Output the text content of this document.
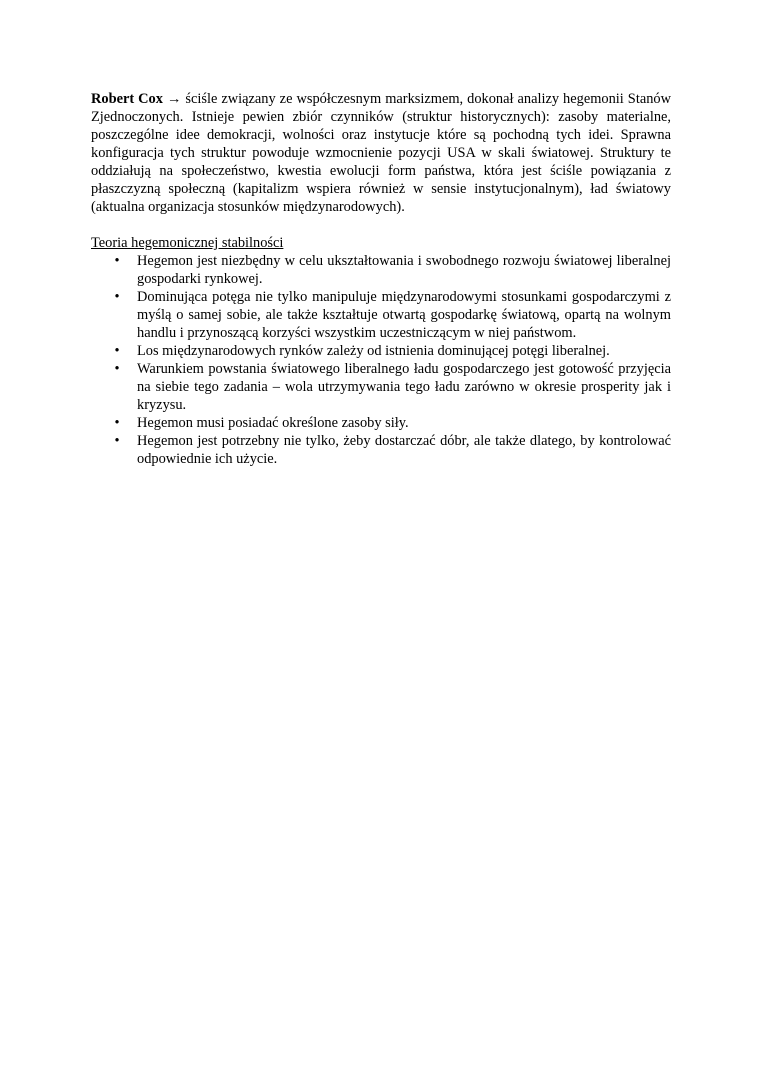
Robert Cox → ściśle związany ze współczesnym marksizmem, dokonał analizy hegemonii Stanów Zjednoczonych. Istnieje pewien zbiór czynników (struktur historycznych): zasoby materialne, poszczególne idee demokracji, wolności oraz instytucje które są pochodną tych idei. Sprawna konfiguracja tych struktur powoduje wzmocnienie pozycji USA w skali światowej. Struktury te oddziałują na społeczeństwo, kwestia ewolucji form państwa, która jest ściśle powiązania z płaszczyzną społeczną (kapitalizm wspiera również w sensie instytucjonalnym), ład światowy (aktualna organizacja stosunków międzynarodowych).

Teoria hegemonicznej stabilności
• Hegemon jest niezbędny w celu ukształtowania i swobodnego rozwoju światowej liberalnej gospodarki rynkowej.
• Dominująca potęga nie tylko manipuluje międzynarodowymi stosunkami gospodarczymi z myślą o samej sobie, ale także kształtuje otwartą gospodarkę światową, opartą na wolnym handlu i przynoszącą korzyści wszystkim uczestniczącym w niej państwom.
• Los międzynarodowych rynków zależy od istnienia dominującej potęgi liberalnej.
• Warunkiem powstania światowego liberalnego ładu gospodarczego jest gotowość przyjęcia na siebie tego zadania – wola utrzymywania tego ładu zarówno w okresie prosperity jak i kryzysu.
• Hegemon musi posiadać określone zasoby siły.
• Hegemon jest potrzebny nie tylko, żeby dostarczać dóbr, ale także dlatego, by kontrolować odpowiednie ich użycie.
